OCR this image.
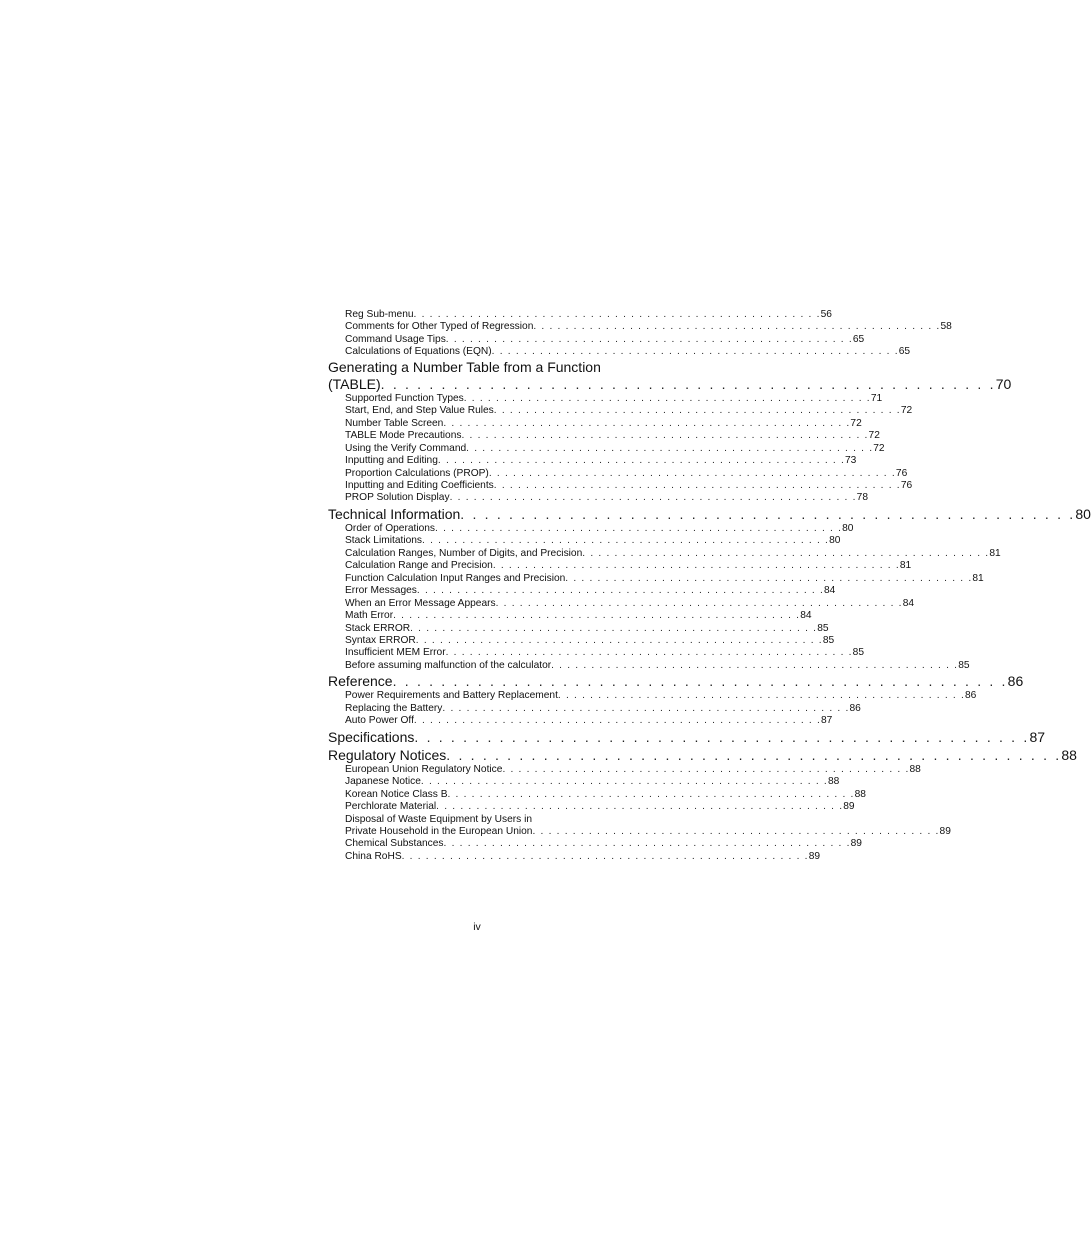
Reg Sub-menu . . . . . . . . . . . . . . . . . . . . . . . . . . . . . . . . . . . . . . . . . . . . . . . . . . . 56
Comments for Other Typed of Regression . . . . . . . . . . . . . . . . . . . . . . . . . . . . . . . . . . . . . . . . . . . . . . . . . . . 58
Command Usage Tips . . . . . . . . . . . . . . . . . . . . . . . . . . . . . . . . . . . . . . . . . . . . . . . . . . . 65
Calculations of Equations (EQN) . . . . . . . . . . . . . . . . . . . . . . . . . . . . . . . . . . . . . . . . . . . . . . . . . . . 65
Generating a Number Table from a Function
(TABLE) . . . . . . . . . . . . . . . . . . . . . . . . . . . . . . . . . . . . . . . . . . . . . . . . . . . 70
Supported Function Types . . . . . . . . . . . . . . . . . . . . . . . . . . . . . . . . . . . . . . . . . . . . . . . . . . . 71
Start, End, and Step Value Rules . . . . . . . . . . . . . . . . . . . . . . . . . . . . . . . . . . . . . . . . . . . . . . . . . . . 72
Number Table Screen . . . . . . . . . . . . . . . . . . . . . . . . . . . . . . . . . . . . . . . . . . . . . . . . . . . 72
TABLE Mode Precautions . . . . . . . . . . . . . . . . . . . . . . . . . . . . . . . . . . . . . . . . . . . . . . . . . . . 72
Using the Verify Command . . . . . . . . . . . . . . . . . . . . . . . . . . . . . . . . . . . . . . . . . . . . . . . . . . . 72
Inputting and Editing . . . . . . . . . . . . . . . . . . . . . . . . . . . . . . . . . . . . . . . . . . . . . . . . . . . 73
Proportion Calculations (PROP) . . . . . . . . . . . . . . . . . . . . . . . . . . . . . . . . . . . . . . . . . . . . . . . . . . . 76
Inputting and Editing Coefficients . . . . . . . . . . . . . . . . . . . . . . . . . . . . . . . . . . . . . . . . . . . . . . . . . . . 76
PROP Solution Display . . . . . . . . . . . . . . . . . . . . . . . . . . . . . . . . . . . . . . . . . . . . . . . . . . . 78
Technical Information . . . . . . . . . . . . . . . . . . . . . . . . . . . . . . . . . . . . . . . . . . . . . . . . . . . 80
Order of Operations . . . . . . . . . . . . . . . . . . . . . . . . . . . . . . . . . . . . . . . . . . . . . . . . . . . 80
Stack Limitations . . . . . . . . . . . . . . . . . . . . . . . . . . . . . . . . . . . . . . . . . . . . . . . . . . . 80
Calculation Ranges, Number of Digits, and Precision . . . . . . . . . . . . . . . . . . . . . . . . . . . . . . . . . . . . . . . . . . . . . . . . . . . 81
Calculation Range and Precision . . . . . . . . . . . . . . . . . . . . . . . . . . . . . . . . . . . . . . . . . . . . . . . . . . . 81
Function Calculation Input Ranges and Precision . . . . . . . . . . . . . . . . . . . . . . . . . . . . . . . . . . . . . . . . . . . . . . . . . . . 81
Error Messages . . . . . . . . . . . . . . . . . . . . . . . . . . . . . . . . . . . . . . . . . . . . . . . . . . . 84
When an Error Message Appears . . . . . . . . . . . . . . . . . . . . . . . . . . . . . . . . . . . . . . . . . . . . . . . . . . . 84
Math Error . . . . . . . . . . . . . . . . . . . . . . . . . . . . . . . . . . . . . . . . . . . . . . . . . . . 84
Stack ERROR . . . . . . . . . . . . . . . . . . . . . . . . . . . . . . . . . . . . . . . . . . . . . . . . . . . 85
Syntax ERROR . . . . . . . . . . . . . . . . . . . . . . . . . . . . . . . . . . . . . . . . . . . . . . . . . . . 85
Insufficient MEM Error . . . . . . . . . . . . . . . . . . . . . . . . . . . . . . . . . . . . . . . . . . . . . . . . . . . 85
Before assuming malfunction of the calculator . . . . . . . . . . . . . . . . . . . . . . . . . . . . . . . . . . . . . . . . . . . . . . . . . . . 85
Reference . . . . . . . . . . . . . . . . . . . . . . . . . . . . . . . . . . . . . . . . . . . . . . . . . . . 86
Power Requirements and Battery Replacement . . . . . . . . . . . . . . . . . . . . . . . . . . . . . . . . . . . . . . . . . . . . . . . . . . . 86
Replacing the Battery . . . . . . . . . . . . . . . . . . . . . . . . . . . . . . . . . . . . . . . . . . . . . . . . . . . 86
Auto Power Off . . . . . . . . . . . . . . . . . . . . . . . . . . . . . . . . . . . . . . . . . . . . . . . . . . . 87
Specifications . . . . . . . . . . . . . . . . . . . . . . . . . . . . . . . . . . . . . . . . . . . . . . . . . . . 87
Regulatory Notices . . . . . . . . . . . . . . . . . . . . . . . . . . . . . . . . . . . . . . . . . . . . . . . . . . . 88
European Union Regulatory Notice . . . . . . . . . . . . . . . . . . . . . . . . . . . . . . . . . . . . . . . . . . . . . . . . . . . 88
Japanese Notice . . . . . . . . . . . . . . . . . . . . . . . . . . . . . . . . . . . . . . . . . . . . . . . . . . . 88
Korean Notice Class B . . . . . . . . . . . . . . . . . . . . . . . . . . . . . . . . . . . . . . . . . . . . . . . . . . . 88
Perchlorate Material . . . . . . . . . . . . . . . . . . . . . . . . . . . . . . . . . . . . . . . . . . . . . . . . . . . 89
Disposal of Waste Equipment by Users in
Private Household in the European Union . . . . . . . . . . . . . . . . . . . . . . . . . . . . . . . . . . . . . . . . . . . . . . . . . . . 89
Chemical Substances . . . . . . . . . . . . . . . . . . . . . . . . . . . . . . . . . . . . . . . . . . . . . . . . . . . 89
China RoHS . . . . . . . . . . . . . . . . . . . . . . . . . . . . . . . . . . . . . . . . . . . . . . . . . . . 89
iv
